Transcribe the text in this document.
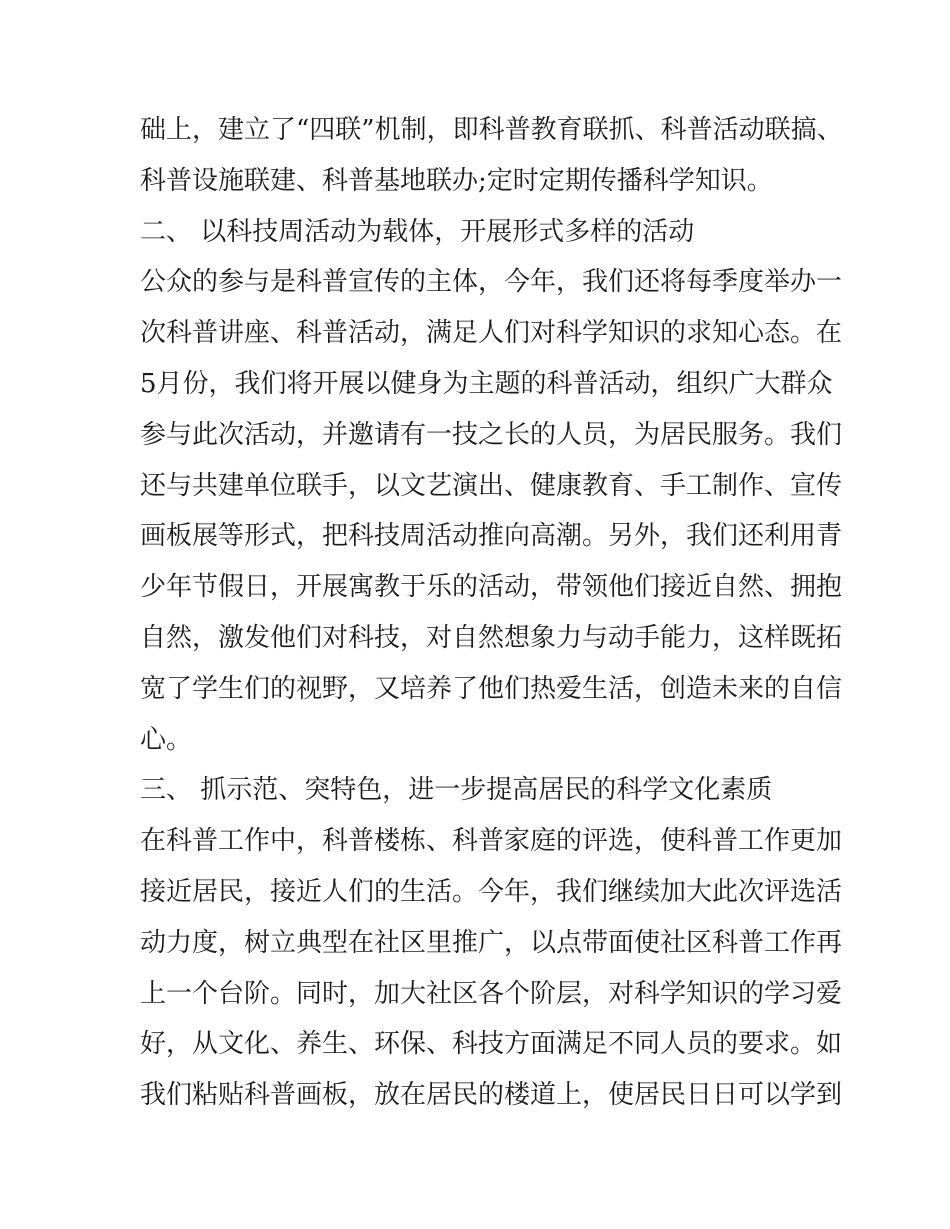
础上，建立了“四联”机制，即科普教育联抓、科普活动联搞、
科普设施联建、科普基地联办;定时定期传播科学知识。
二、 以科技周活动为载体，开展形式多样的活动
公众的参与是科普宣传的主体，今年，我们还将每季度举办一
次科普讲座、科普活动，满足人们对科学知识的求知心态。在
5月份，我们将开展以健身为主题的科普活动，组织广大群众
参与此次活动，并邀请有一技之长的人员，为居民服务。我们
还与共建单位联手，以文艺演出、健康教育、手工制作、宣传
画板展等形式，把科技周活动推向高潮。另外，我们还利用青
少年节假日，开展寓教于乐的活动，带领他们接近自然、拥抱
自然，激发他们对科技，对自然想象力与动手能力，这样既拓
宽了学生们的视野，又培养了他们热爱生活，创造未来的自信
心。
三、 抓示范、突特色，进一步提高居民的科学文化素质
在科普工作中，科普楼栋、科普家庭的评选，使科普工作更加
接近居民，接近人们的生活。今年，我们继续加大此次评选活
动力度，树立典型在社区里推广，以点带面使社区科普工作再
上一个台阶。同时，加大社区各个阶层，对科学知识的学习爱
好，从文化、养生、环保、科技方面满足不同人员的要求。如
我们粘贴科普画板，放在居民的楼道上，使居民日日可以学到
